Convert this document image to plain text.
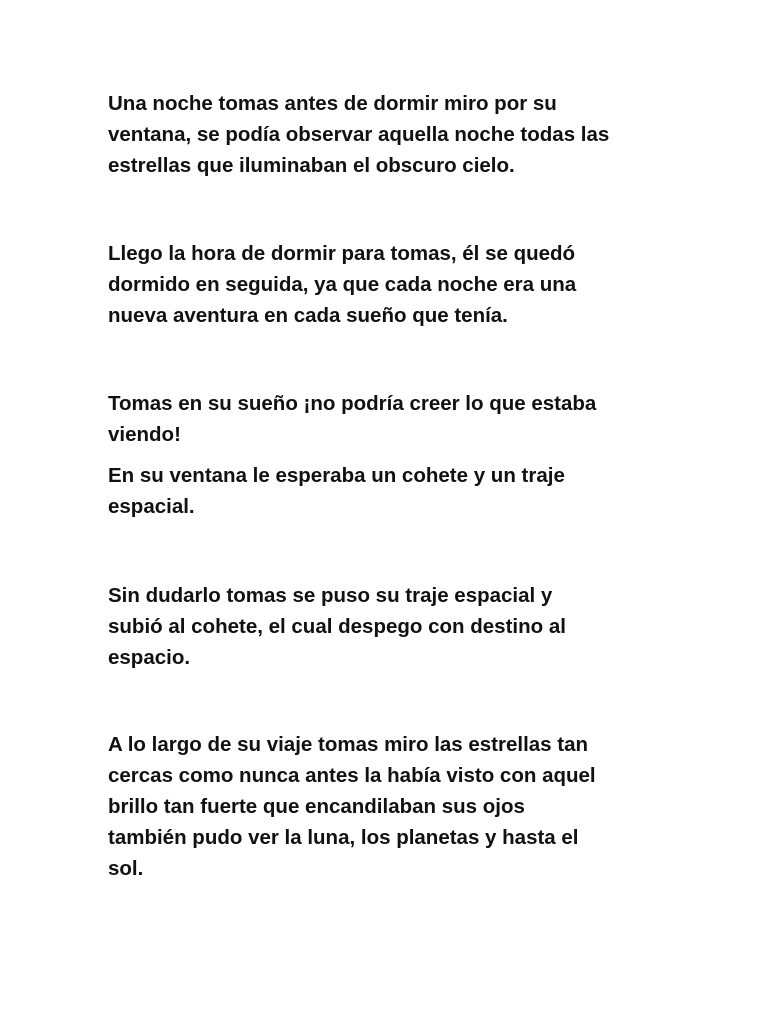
Una noche tomas antes de dormir miro por su

ventana, se podía observar aquella noche todas las

estrellas que iluminaban el obscuro cielo.

Llego la hora de dormir para tomas, él se quedó

dormido en seguida, ya que cada noche era una

nueva aventura en cada sueño que tenía.

Tomas en su sueño ¡no podría creer lo que estaba

viendo!

En su ventana le esperaba un cohete y un traje

espacial.

Sin dudarlo tomas se puso su traje espacial y

subió al cohete, el cual despego con destino al

espacio.

A lo largo de su viaje tomas miro las estrellas tan

cercas como nunca antes la había visto con aquel

brillo tan fuerte que encandilaban sus ojos

también pudo ver la luna, los planetas y hasta el

sol.
